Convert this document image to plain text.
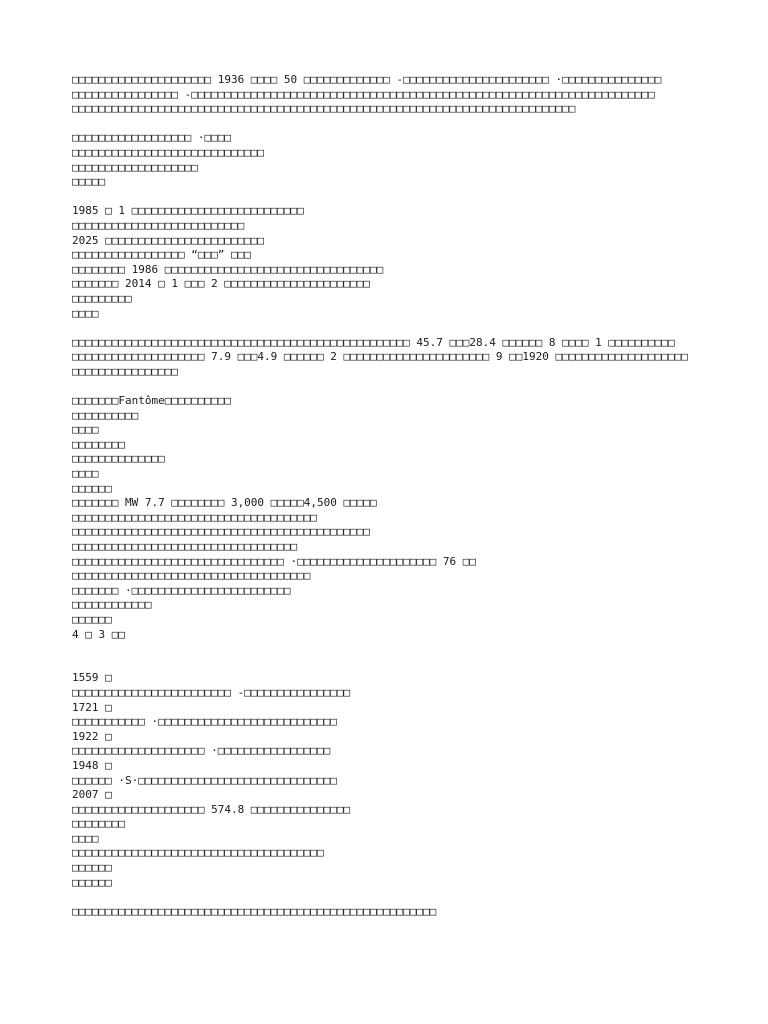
□□□□□□□□□□□□□□□□□□□□□ 1936 □□□□ 50 □□□□□□□□□□□□□ -□□□□□□□□□□□□□□□□□□□□□□ ·□□□□□□□□□□□□□□□
□□□□□□□□□□□□□□□□ -□□□□□□□□□□□□□□□□□□□□□□□□□□□□□□□□□□□□□□□□□□□□□□□□□□□□□□□□□□□□□□□□□□□□□□
□□□□□□□□□□□□□□□□□□□□□□□□□□□□□□□□□□□□□□□□□□□□□□□□□□□□□□□□□□□□□□□□□□□□□□□□□□□□
□□□□□□□□□□□□□□□□□□ ·□□□□
□□□□□□□□□□□□□□□□□□□□□□□□□□□□□
□□□□□□□□□□□□□□□□□□□
□□□□□
1985 □ 1 □□□□□□□□□□□□□□□□□□□□□□□□□□
□□□□□□□□□□□□□□□□□□□□□□□□□□
2025 □□□□□□□□□□□□□□□□□□□□□□□□
□□□□□□□□□□□□□□□□□ “□□□” □□□
□□□□□□□□ 1986 □□□□□□□□□□□□□□□□□□□□□□□□□□□□□□□□□
□□□□□□□ 2014 □ 1 □□□ 2 □□□□□□□□□□□□□□□□□□□□□□
□□□□□□□□□
□□□□
□□□□□□□□□□□□□□□□□□□□□□□□□□□□□□□□□□□□□□□□□□□□□□□□□□□ 45.7 □□□28.4 □□□□□□ 8 □□□□ 1 □□□□□□□□□□
□□□□□□□□□□□□□□□□□□□□ 7.9 □□□4.9 □□□□□□ 2 □□□□□□□□□□□□□□□□□□□□□□ 9 □□1920 □□□□□□□□□□□□□□□□□□□□
□□□□□□□□□□□□□□□□
□□□□□□□Fantôme□□□□□□□□□□
□□□□□□□□□□
□□□□
□□□□□□□□
□□□□□□□□□□□□□□
□□□□
□□□□□□
□□□□□□□ MW 7.7 □□□□□□□□ 3,000 □□□□□4,500 □□□□□
□□□□□□□□□□□□□□□□□□□□□□□□□□□□□□□□□□□□□
□□□□□□□□□□□□□□□□□□□□□□□□□□□□□□□□□□□□□□□□□□□□□
□□□□□□□□□□□□□□□□□□□□□□□□□□□□□□□□□□
□□□□□□□□□□□□□□□□□□□□□□□□□□□□□□□□ ·□□□□□□□□□□□□□□□□□□□□□ 76 □□
□□□□□□□□□□□□□□□□□□□□□□□□□□□□□□□□□□□□
□□□□□□□ ·□□□□□□□□□□□□□□□□□□□□□□□□
□□□□□□□□□□□□
□□□□□□
4 □ 3 □□
1559 □
□□□□□□□□□□□□□□□□□□□□□□□□ -□□□□□□□□□□□□□□□□
1721 □
□□□□□□□□□□□ ·□□□□□□□□□□□□□□□□□□□□□□□□□□□
1922 □
□□□□□□□□□□□□□□□□□□□□ ·□□□□□□□□□□□□□□□□□
1948 □
□□□□□□ ·S·□□□□□□□□□□□□□□□□□□□□□□□□□□□□□□
2007 □
□□□□□□□□□□□□□□□□□□□□ 574.8 □□□□□□□□□□□□□□□
□□□□□□□□
□□□□
□□□□□□□□□□□□□□□□□□□□□□□□□□□□□□□□□□□□□□
□□□□□□
□□□□□□
□□□□□□□□□□□□□□□□□□□□□□□□□□□□□□□□□□□□□□□□□□□□□□□□□□□□□□□
